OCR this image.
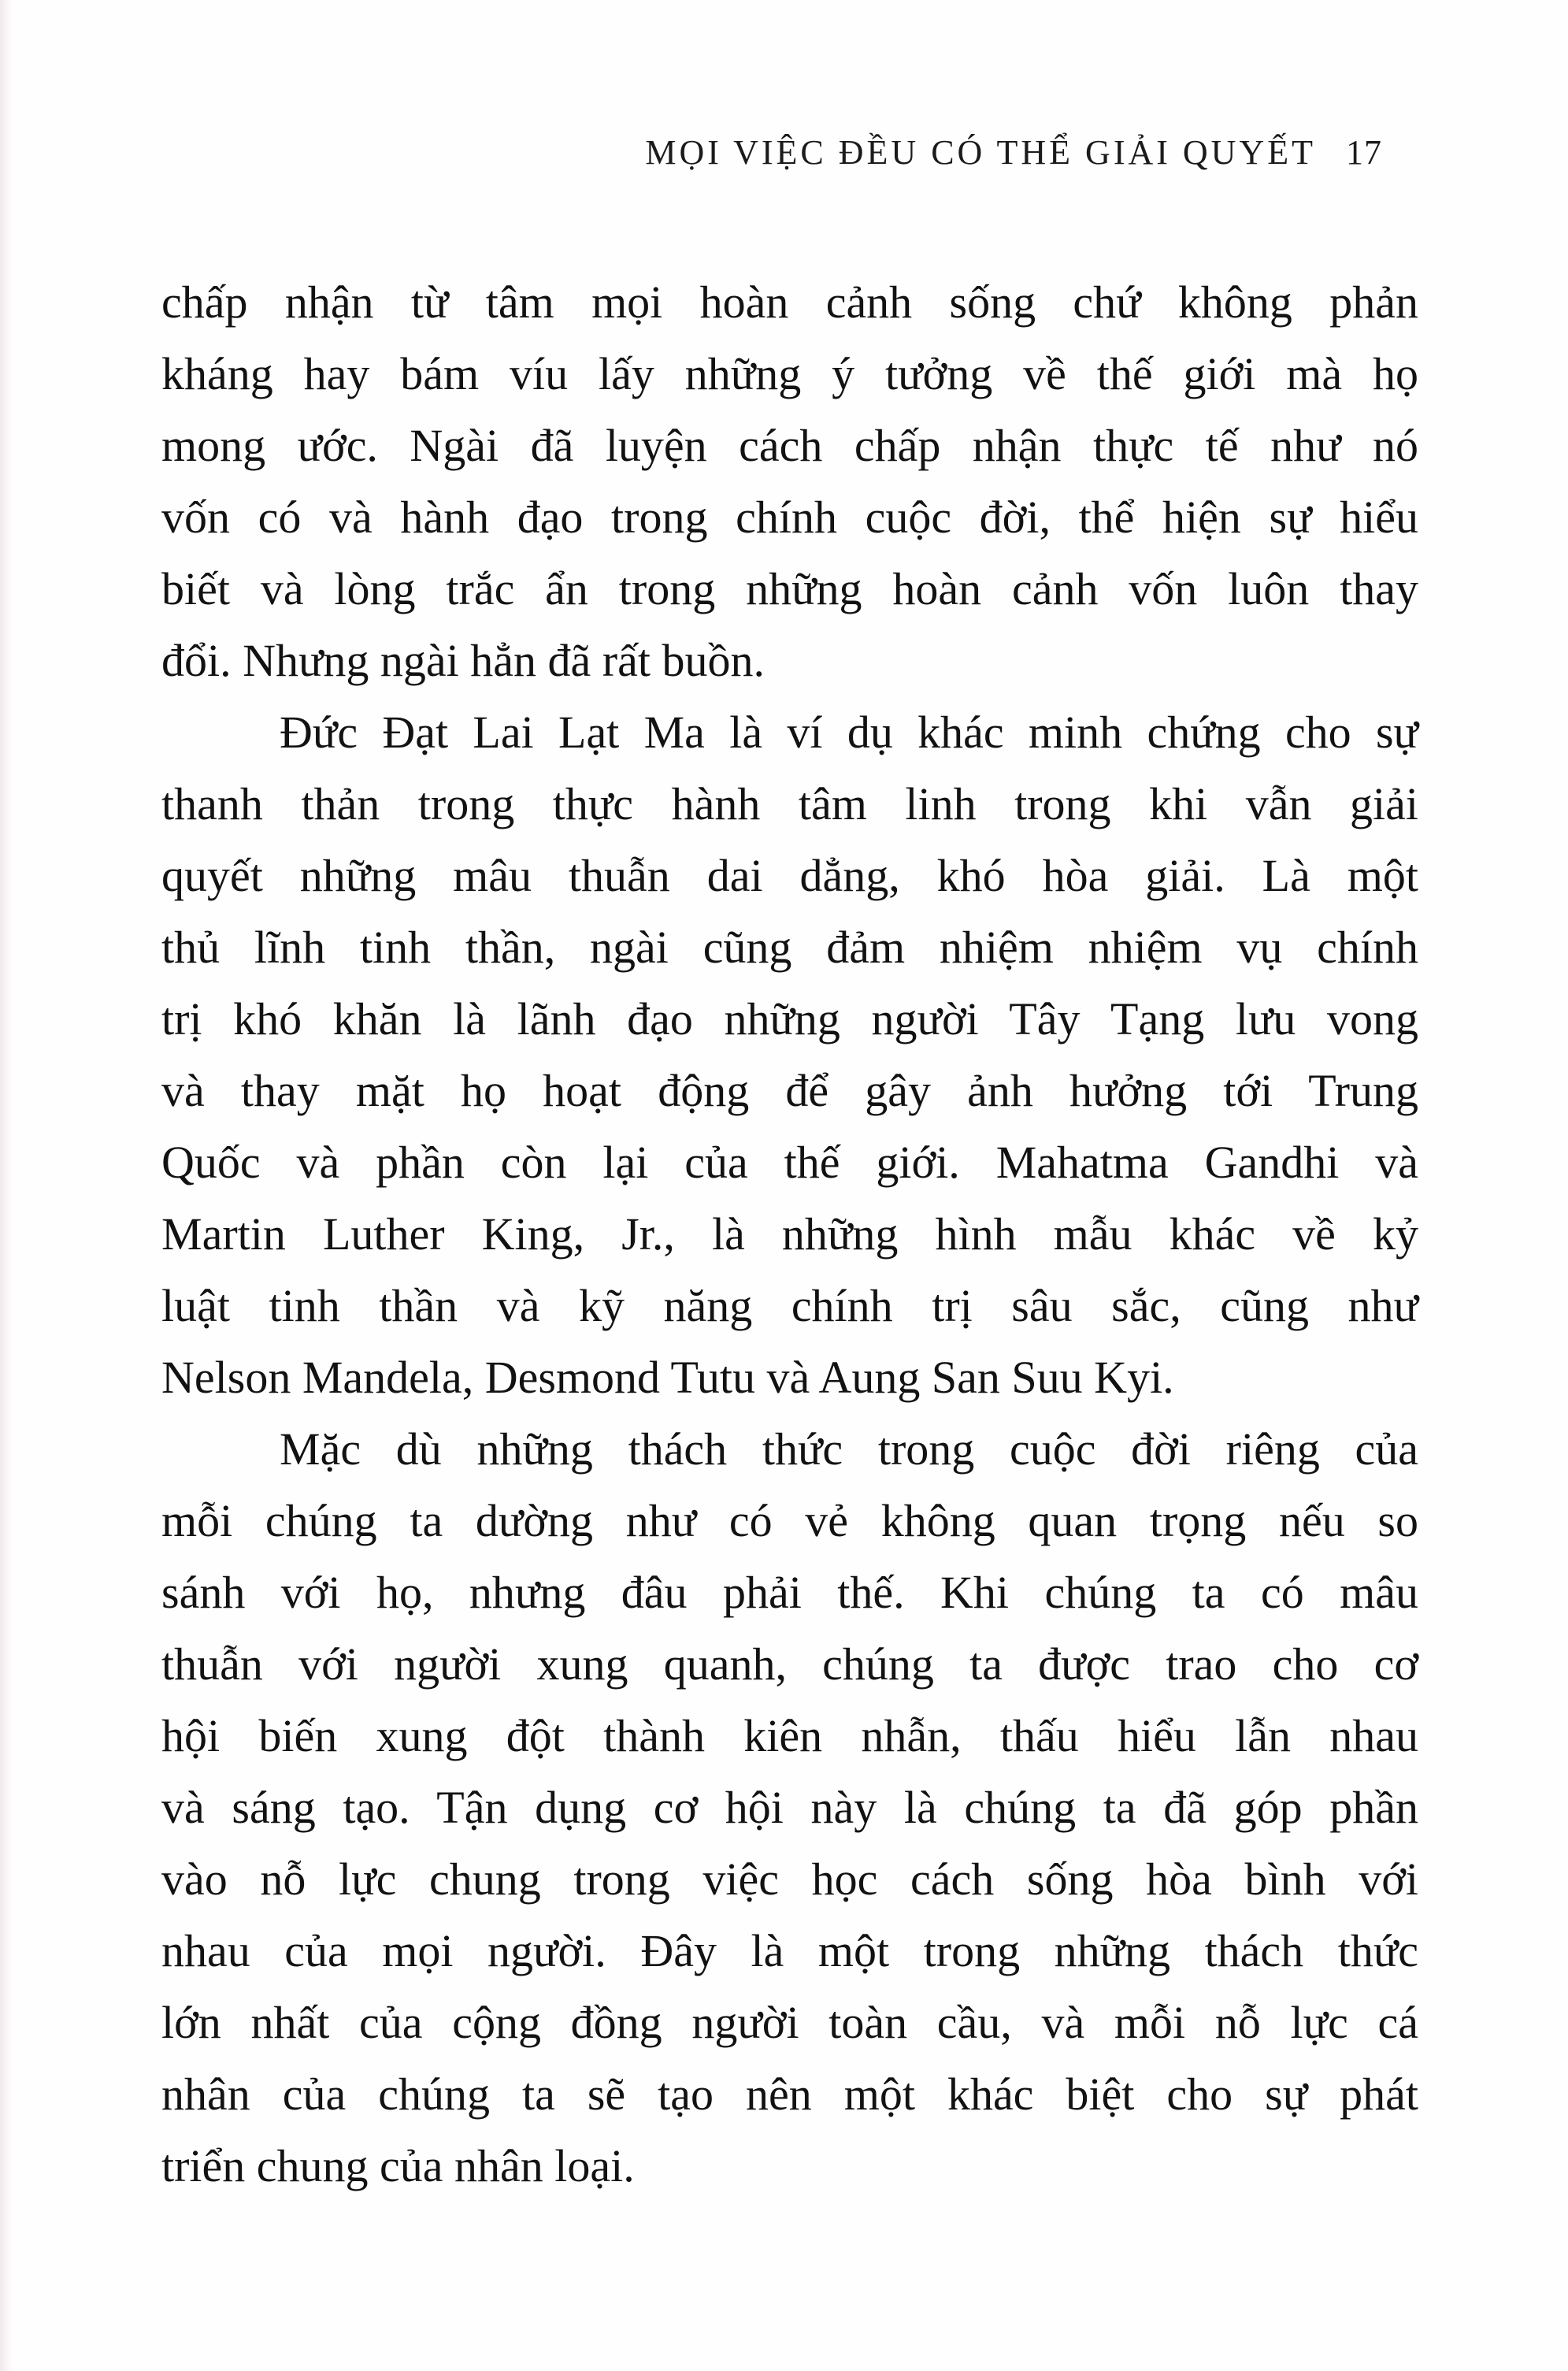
MỌI VIỆC ĐỀU CÓ THỂ GIẢI QUYẾT 17
chấp nhận từ tâm mọi hoàn cảnh sống chứ không phản
kháng hay bám víu lấy những ý tưởng về thế giới mà họ
mong ước. Ngài đã luyện cách chấp nhận thực tế như nó
vốn có và hành đạo trong chính cuộc đời, thể hiện sự hiểu
biết và lòng trắc ẩn trong những hoàn cảnh vốn luôn thay
đổi. Nhưng ngài hẳn đã rất buồn.
Đức Đạt Lai Lạt Ma là ví dụ khác minh chứng cho sự
thanh thản trong thực hành tâm linh trong khi vẫn giải
quyết những mâu thuẫn dai dẳng, khó hòa giải. Là một
thủ lĩnh tinh thần, ngài cũng đảm nhiệm nhiệm vụ chính
trị khó khăn là lãnh đạo những người Tây Tạng lưu vong
và thay mặt họ hoạt động để gây ảnh hưởng tới Trung
Quốc và phần còn lại của thế giới. Mahatma Gandhi và
Martin Luther King, Jr., là những hình mẫu khác về kỷ
luật tinh thần và kỹ năng chính trị sâu sắc, cũng như
Nelson Mandela, Desmond Tutu và Aung San Suu Kyi.
Mặc dù những thách thức trong cuộc đời riêng của
mỗi chúng ta dường như có vẻ không quan trọng nếu so
sánh với họ, nhưng đâu phải thế. Khi chúng ta có mâu
thuẫn với người xung quanh, chúng ta được trao cho cơ
hội biến xung đột thành kiên nhẫn, thấu hiểu lẫn nhau
và sáng tạo. Tận dụng cơ hội này là chúng ta đã góp phần
vào nỗ lực chung trong việc học cách sống hòa bình với
nhau của mọi người. Đây là một trong những thách thức
lớn nhất của cộng đồng người toàn cầu, và mỗi nỗ lực cá
nhân của chúng ta sẽ tạo nên một khác biệt cho sự phát
triển chung của nhân loại.
